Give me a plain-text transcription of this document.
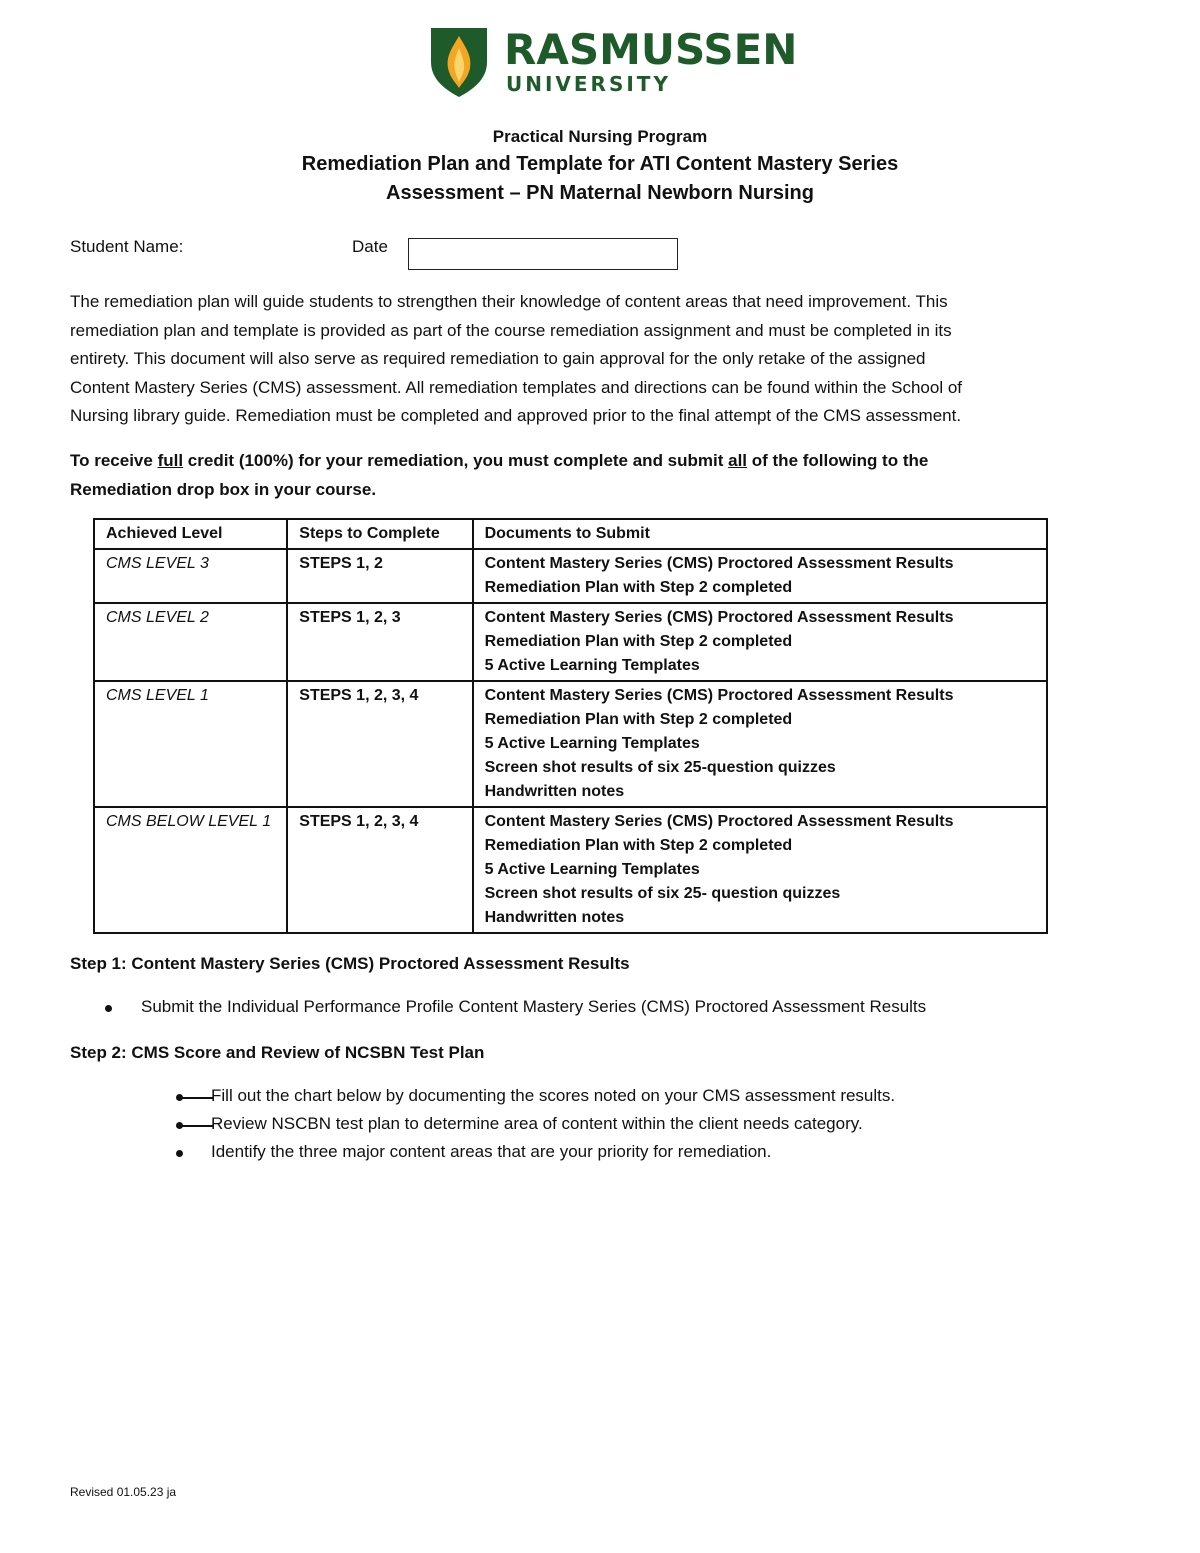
RASMUSSEN
UNIVERSITY
Practical Nursing Program
Remediation Plan and Template for ATI Content Mastery Series
Assessment – PN Maternal Newborn Nursing
Student Name:	Date
The remediation plan will guide students to strengthen their knowledge of content areas that need improvement. This
remediation plan and template is provided as part of the course remediation assignment and must be completed in its
entirety. This document will also serve as required remediation to gain approval for the only retake of the assigned
Content Mastery Series (CMS) assessment. All remediation templates and directions can be found within the School of
Nursing library guide. Remediation must be completed and approved prior to the final attempt of the CMS assessment.
To receive full credit (100%) for your remediation, you must complete and submit all of the following to the
Remediation drop box in your course.
Achieved Level	Steps to Complete	Documents to Submit
CMS LEVEL 3	STEPS 1, 2	Content Mastery Series (CMS) Proctored Assessment Results
Remediation Plan with Step 2 completed

CMS LEVEL 2	STEPS 1, 2, 3	Content Mastery Series (CMS) Proctored Assessment Results
Remediation Plan with Step 2 completed
5 Active Learning Templates

CMS LEVEL 1	STEPS 1, 2, 3, 4	Content Mastery Series (CMS) Proctored Assessment Results
Remediation Plan with Step 2 completed
5 Active Learning Templates
Screen shot results of six 25-question quizzes
Handwritten notes

CMS BELOW LEVEL 1	STEPS 1, 2, 3, 4	Content Mastery Series (CMS) Proctored Assessment Results
Remediation Plan with Step 2 completed
5 Active Learning Templates
Screen shot results of six 25- question quizzes
Handwritten notes
Step 1: Content Mastery Series (CMS) Proctored Assessment Results
Submit the Individual Performance Profile Content Mastery Series (CMS) Proctored Assessment Results
Step 2: CMS Score and Review of NCSBN Test Plan
Fill out the chart below by documenting the scores noted on your CMS assessment results.
Review NSCBN test plan to determine area of content within the client needs category.
Identify the three major content areas that are your priority for remediation.
Revised 01.05.23 ja
